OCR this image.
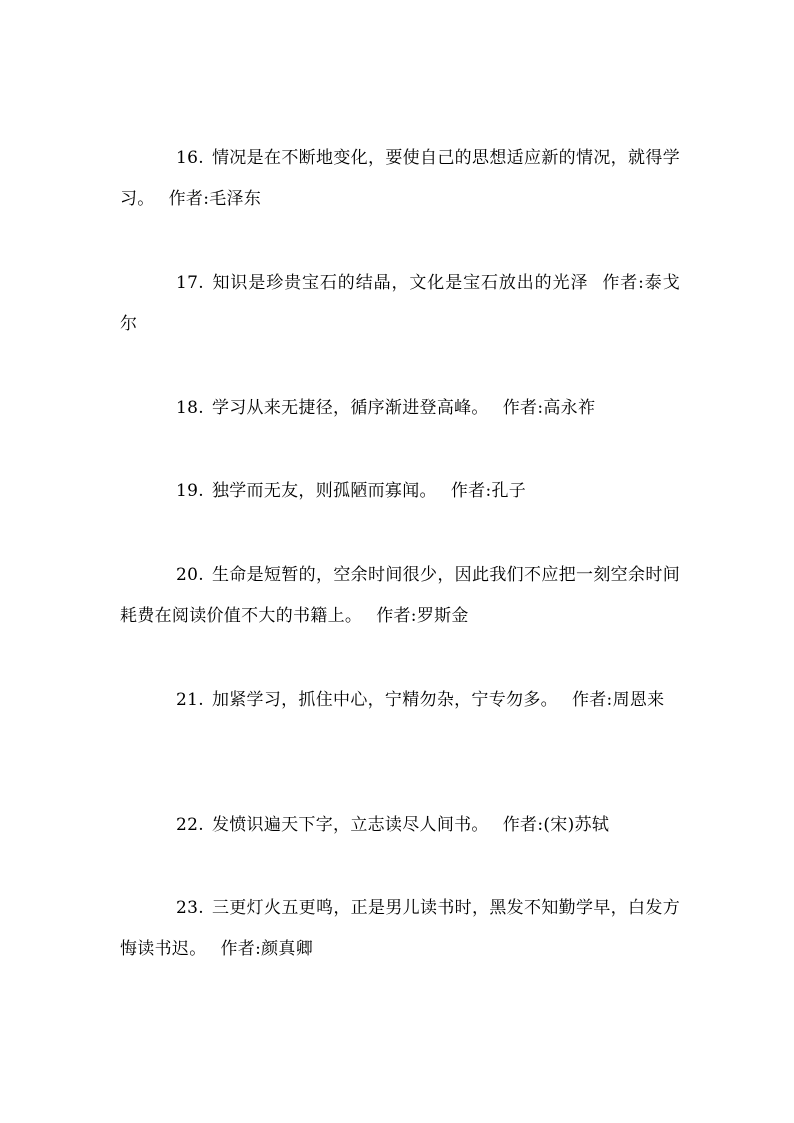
16. 情况是在不断地变化，要使自己的思想适应新的情况，就得学习。 作者:毛泽东

17. 知识是珍贵宝石的结晶，文化是宝石放出的光泽 作者:泰戈尔

18. 学习从来无捷径，循序渐进登高峰。 作者:高永祚

19. 独学而无友，则孤陋而寡闻。 作者:孔子

20. 生命是短暂的，空余时间很少，因此我们不应把一刻空余时间耗费在阅读价值不大的书籍上。 作者:罗斯金

21. 加紧学习，抓住中心，宁精勿杂，宁专勿多。 作者:周恩来

22. 发愤识遍天下字，立志读尽人间书。 作者:(宋)苏轼

23. 三更灯火五更鸣，正是男儿读书时，黑发不知勤学早，白发方悔读书迟。 作者:颜真卿
